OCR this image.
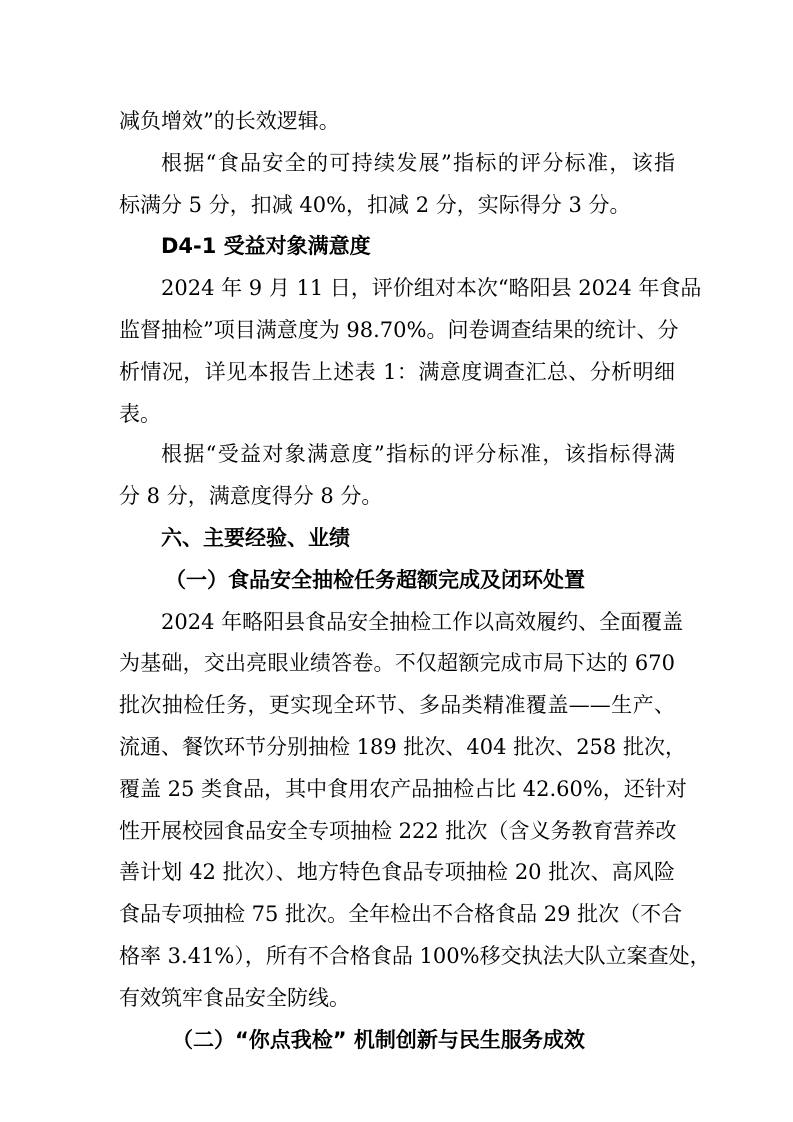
减负增效”的长效逻辑。
根据“食品安全的可持续发展”指标的评分标准，该指
标满分 5 分，扣减 40%，扣减 2 分，实际得分 3 分。
D4-1 受益对象满意度
2024 年 9 月 11 日，评价组对本次“略阳县 2024 年食品
监督抽检”项目满意度为 98.70%。问卷调查结果的统计、分
析情况，详见本报告上述表 1：满意度调查汇总、分析明细
表。
根据“受益对象满意度”指标的评分标准，该指标得满
分 8 分，满意度得分 8 分。
六、主要经验、业绩
（一）食品安全抽检任务超额完成及闭环处置
2024 年略阳县食品安全抽检工作以高效履约、全面覆盖
为基础，交出亮眼业绩答卷。不仅超额完成市局下达的 670
批次抽检任务，更实现全环节、多品类精准覆盖——生产、
流通、餐饮环节分别抽检 189 批次、404 批次、258 批次，
覆盖 25 类食品，其中食用农产品抽检占比 42.60%，还针对
性开展校园食品安全专项抽检 222 批次（含义务教育营养改
善计划 42 批次）、地方特色食品专项抽检 20 批次、高风险
食品专项抽检 75 批次。全年检出不合格食品 29 批次（不合
格率 3.41%），所有不合格食品 100%移交执法大队立案查处，
有效筑牢食品安全防线。
（二）“你点我检” 机制创新与民生服务成效
